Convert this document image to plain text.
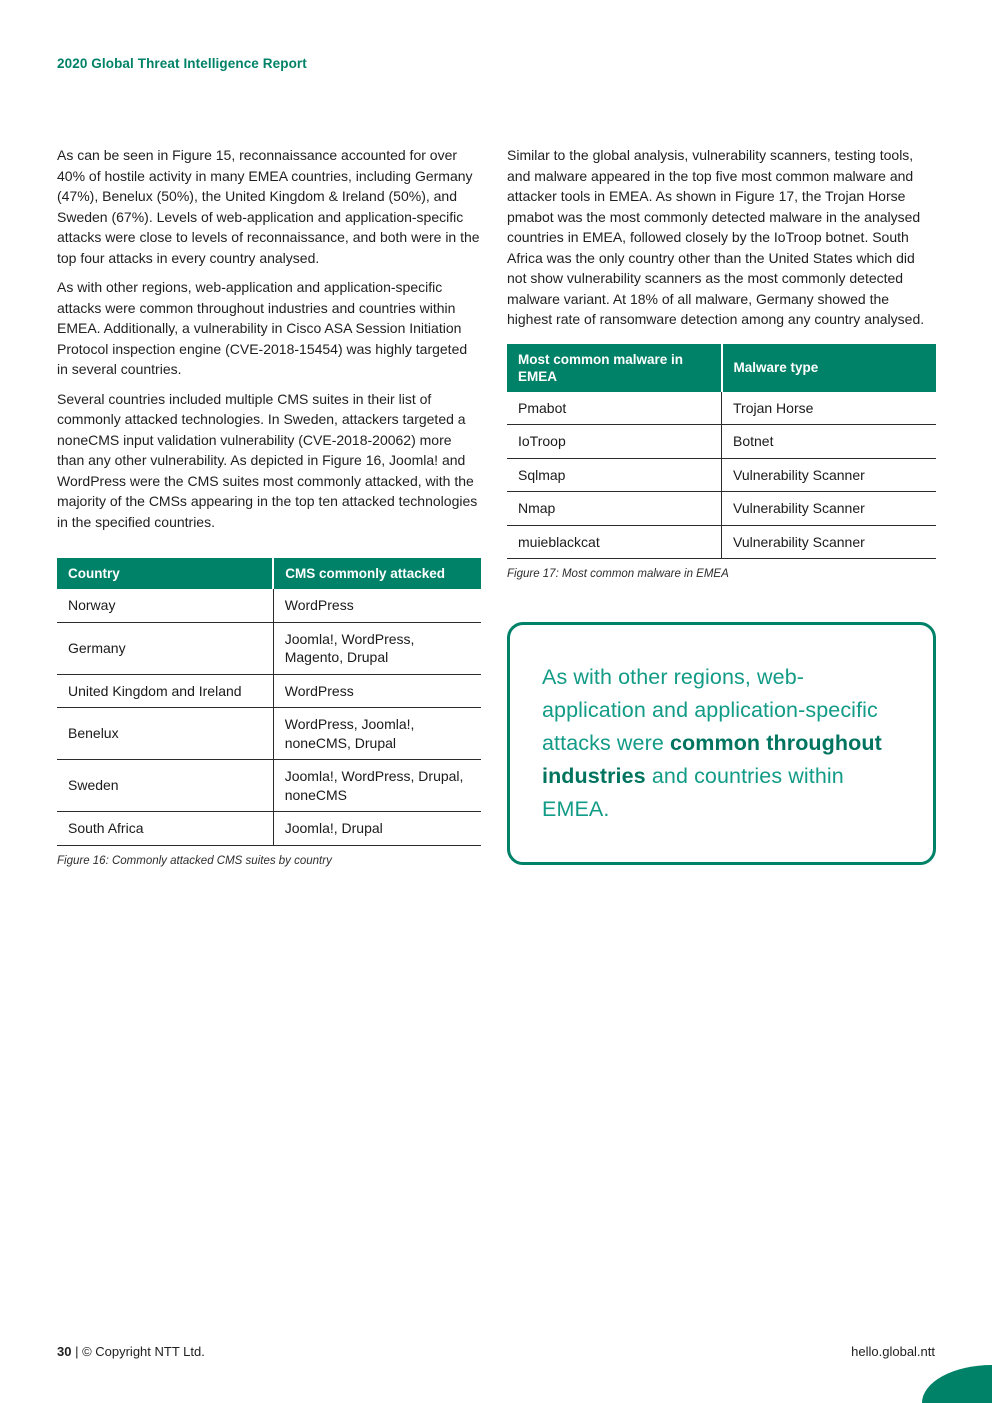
2020 Global Threat Intelligence Report

As can be seen in Figure 15, reconnaissance accounted for over 40% of hostile activity in many EMEA countries, including Germany (47%), Benelux (50%), the United Kingdom & Ireland (50%), and Sweden (67%). Levels of web-application and application-specific attacks were close to levels of reconnaissance, and both were in the top four attacks in every country analysed.

As with other regions, web-application and application-specific attacks were common throughout industries and countries within EMEA. Additionally, a vulnerability in Cisco ASA Session Initiation Protocol inspection engine (CVE-2018-15454) was highly targeted in several countries.

Several countries included multiple CMS suites in their list of commonly attacked technologies. In Sweden, attackers targeted a noneCMS input validation vulnerability (CVE-2018-20062) more than any other vulnerability. As depicted in Figure 16, Joomla! and WordPress were the CMS suites most commonly attacked, with the majority of the CMSs appearing in the top ten attacked technologies in the specified countries.

Country	CMS commonly attacked
Norway	WordPress
Germany	Joomla!, WordPress, Magento, Drupal
United Kingdom and Ireland	WordPress
Benelux	WordPress, Joomla!, noneCMS, Drupal
Sweden	Joomla!, WordPress, Drupal, noneCMS
South Africa	Joomla!, Drupal
Figure 16: Commonly attacked CMS suites by country

Similar to the global analysis, vulnerability scanners, testing tools, and malware appeared in the top five most common malware and attacker tools in EMEA. As shown in Figure 17, the Trojan Horse pmabot was the most commonly detected malware in the analysed countries in EMEA, followed closely by the IoTroop botnet. South Africa was the only country other than the United States which did not show vulnerability scanners as the most commonly detected malware variant. At 18% of all malware, Germany showed the highest rate of ransomware detection among any country analysed.

Most common malware in EMEA	Malware type
Pmabot	Trojan Horse
IoTroop	Botnet
Sqlmap	Vulnerability Scanner
Nmap	Vulnerability Scanner
muieblackcat	Vulnerability Scanner
Figure 17: Most common malware in EMEA
As with other regions, web-application and application-specific attacks were common throughout industries and countries within EMEA.
30 | © Copyright NTT Ltd.	hello.global.ntt
